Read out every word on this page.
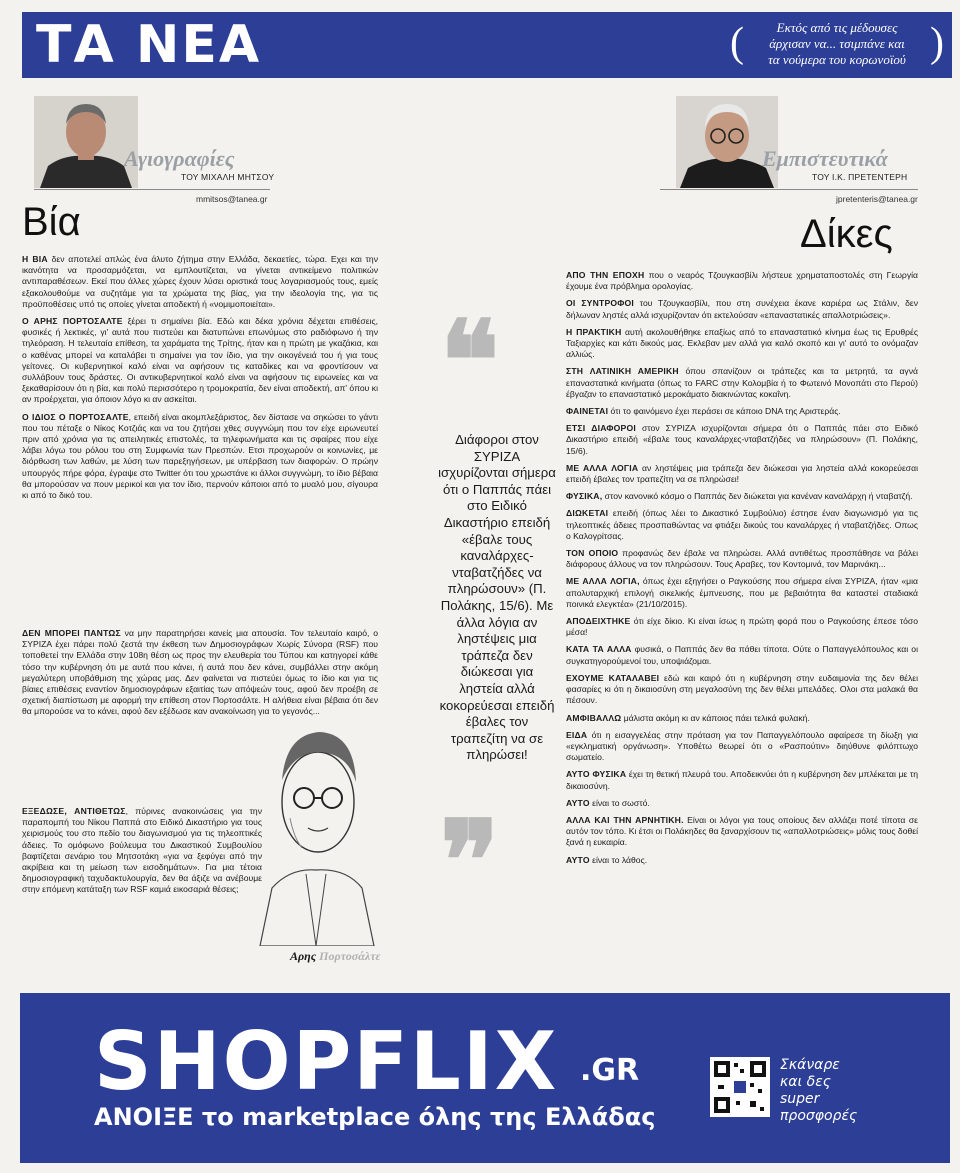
ΤΑ ΝΕΑ	(	Εκτός από τις μέδουσες
άρχισαν να... τσιμπάνε και
τα νούμερα του κορωνοϊού )
Αγιογραφίες
ΤΟΥ ΜΙΧΑΛΗ ΜΗΤΣΟΥ
mmitsos@tanea.gr
Βία

Η ΒΙΑ δεν αποτελεί απλώς ένα άλυτο ζήτημα στην Ελλάδα, δεκαετίες, τώρα. Εχει και την ικανότητα να προσαρμόζεται, να εμπλουτίζεται, να γίνεται αντικείμενο πολιτικών αντιπαραθέσεων. Εκεί που άλλες χώρες έχουν λύσει οριστικά τους λογαριασμούς τους, εμείς εξακολουθούμε να συζητάμε για τα χρώματα της βίας, για την ιδεολογία της, για τις προϋποθέσεις υπό τις οποίες γίνεται αποδεκτή ή «νομιμοποιείται».

Ο ΑΡΗΣ ΠΟΡΤΟΣΑΛΤΕ ξέρει τι σημαίνει βία. Εδώ και δέκα χρόνια δέχεται επιθέσεις, φυσικές ή λεκτικές, γι' αυτά που πιστεύει και διατυπώνει επωνύμως στο ραδιόφωνο ή την τηλεόραση. Η τελευταία επίθεση, τα χαράματα της Τρίτης, ήταν και η πρώτη με γκαζάκια, και ο καθένας μπορεί να καταλάβει τι σημαίνει για τον ίδιο, για την οικογένειά του ή για τους γείτονες. Οι κυβερνητικοί καλό είναι να αφήσουν τις καταδίκες και να φροντίσουν να συλλάβουν τους δράστες. Οι αντικυβερνητικοί καλό είναι να αφήσουν τις ειρωνείες και να ξεκαθαρίσουν ότι η βία, και πολύ περισσότερο η τρομοκρατία, δεν είναι αποδεκτή, απ' όπου κι αν προέρχεται, για όποιον λόγο κι αν ασκείται.

Ο ΙΔΙΟΣ Ο ΠΟΡΤΟΣΑΛΤΕ, επειδή είναι ακομπλεξάριστος, δεν δίστασε να σηκώσει το γάντι που του πέταξε ο Νίκος Κοτζιάς και να του ζητήσει χθες συγγνώμη που τον είχε ειρωνευτεί πριν από χρόνια για τις απειλητικές επιστολές, τα τηλεφωνήματα και τις σφαίρες που είχε λάβει λόγω του ρόλου του στη Συμφωνία των Πρεσπών. Ετσι προχωρούν οι κοινωνίες, με διόρθωση των λαθών, με λύση των παρεξηγήσεων, με υπέρβαση των διαφορών. Ο πρώην υπουργός πήρε φόρα, έγραψε στο Twitter ότι του χρωστάνε κι άλλοι συγγνώμη, το ίδιο βέβαια θα μπορούσαν να πουν μερικοί και για τον ίδιο, περνούν κάποιοι από το μυαλό μου, σίγουρα κι από το δικό του.

ΔΕΝ ΜΠΟΡΕΙ ΠΑΝΤΩΣ να μην παρατηρήσει κανείς μια απουσία. Τον τελευταίο καιρό, ο ΣΥΡΙΖΑ έχει πάρει πολύ ζεστά την έκθεση των Δημοσιογράφων Χωρίς Σύνορα (RSF) που τοποθετεί την Ελλάδα στην 108η θέση ως προς την ελευθερία του Τύπου και κατηγορεί κάθε τόσο την κυβέρνηση ότι με αυτά που κάνει, ή αυτά που δεν κάνει, συμβάλλει στην ακόμη μεγαλύτερη υποβάθμιση της χώρας μας. Δεν φαίνεται να πιστεύει όμως το ίδιο και για τις βίαιες επιθέσεις εναντίον δημοσιογράφων εξαιτίας των απόψεών τους, αφού δεν προέβη σε σχετική διαπίστωση με αφορμή την επίθεση στον Πορτοσάλτε. Η αλήθεια είναι βέβαια ότι δεν θα μπορούσε να το κάνει, αφού δεν εξέδωσε καν ανακοίνωση για το γεγονός...

ΕΞΕΔΩΣΕ, ΑΝΤΙΘΕΤΩΣ, πύρινες ανακοινώσεις για την παραπομπή του Νίκου Παππά στο Ειδικό Δικαστήριο για τους χειρισμούς του στο πεδίο του διαγωνισμού για τις τηλεοπτικές άδειες. Το ομόφωνο βούλευμα του Δικαστικού Συμβουλίου βαφτίζεται σενάριο του Μητσοτάκη «για να ξεφύγει από την ακρίβεια και τη μείωση των εισοδημάτων». Για μια τέτοια δημοσιογραφική ταχυδακτυλουργία, δεν θα άξιζε να ανέβουμε στην επόμενη κατάταξη των RSF καμιά εικοσαριά θέσεις;

Αρης Πορτοσάλτε
❝
Διάφοροι στον ΣΥΡΙΖΑ ισχυρίζονται σήμερα ότι ο Παππάς πάει στο Ειδικό Δικαστήριο επειδή «έβαλε τους καναλάρχες-νταβατζήδες να πληρώσουν» (Π. Πολάκης, 15/6). Με άλλα λόγια αν ληστέψεις μια τράπεζα δεν διώκεσαι για ληστεία αλλά κοκορεύεσαι επειδή έβαλες τον τραπεζίτη να σε πληρώσει!
❞
Εμπιστευτικά
ΤΟΥ Ι.Κ. ΠΡΕΤΕΝΤΕΡΗ
jpretenteris@tanea.gr
Δίκες

ΑΠΟ ΤΗΝ ΕΠΟΧΗ που ο νεαρός Τζουγκασβίλι λήστευε χρηματαποστολές στη Γεωργία έχουμε ένα πρόβλημα ορολογίας.

ΟΙ ΣΥΝΤΡΟΦΟΙ του Τζουγκασβίλι, που στη συνέχεια έκανε καριέρα ως Στάλιν, δεν δήλωναν ληστές αλλά ισχυρίζονταν ότι εκτελούσαν «επαναστατικές απαλλοτριώσεις».

Η ΠΡΑΚΤΙΚΗ αυτή ακολουθήθηκε επαξίως από το επαναστατικό κίνημα έως τις Ερυθρές Ταξιαρχίες και κάτι δικούς μας. Εκλεβαν μεν αλλά για καλό σκοπό και γι' αυτό το ονόμαζαν αλλιώς.

ΣΤΗ ΛΑΤΙΝΙΚΗ ΑΜΕΡΙΚΗ όπου σπανίζουν οι τράπεζες και τα μετρητά, τα αγνά επαναστατικά κινήματα (όπως το FARC στην Κολομβία ή το Φωτεινό Μονοπάτι στο Περού) έβγαζαν το επαναστατικό μεροκάματο διακινώντας κοκαΐνη.

ΦΑΙΝΕΤΑΙ ότι το φαινόμενο έχει περάσει σε κάποιο DNA της Αριστεράς.

ΕΤΣΙ ΔΙΑΦΟΡΟΙ στον ΣΥΡΙΖΑ ισχυρίζονται σήμερα ότι ο Παππάς πάει στο Ειδικό Δικαστήριο επειδή «έβαλε τους καναλάρχες-νταβατζήδες να πληρώσουν» (Π. Πολάκης, 15/6).

ΜΕ ΑΛΛΑ ΛΟΓΙΑ αν ληστέψεις μια τράπεζα δεν διώκεσαι για ληστεία αλλά κοκορεύεσαι επειδή έβαλες τον τραπεζίτη να σε πληρώσει!

ΦΥΣΙΚΑ, στον κανονικό κόσμο ο Παππάς δεν διώκεται για κανέναν καναλάρχη ή νταβατζή.

ΔΙΩΚΕΤΑΙ επειδή (όπως λέει το Δικαστικό Συμβούλιο) έστησε έναν διαγωνισμό για τις τηλεοπτικές άδειες προσπαθώντας να φτιάξει δικούς του καναλάρχες ή νταβατζήδες. Οπως ο Καλογρίτσας.

ΤΟΝ ΟΠΟΙΟ προφανώς δεν έβαλε να πληρώσει. Αλλά αντιθέτως προσπάθησε να βάλει διάφορους άλλους να τον πληρώσουν. Τους Αραβες, τον Κοντομινά, τον Μαρινάκη...

ΜΕ ΑΛΛΑ ΛΟΓΙΑ, όπως έχει εξηγήσει ο Ραγκούσης που σήμερα είναι ΣΥΡΙΖΑ, ήταν «μια απολυταρχική επιλογή σικελικής έμπνευσης, που με βεβαιότητα θα καταστεί σταδιακά ποινικά ελεγκτέα» (21/10/2015).

ΑΠΟΔΕΙΧΤΗΚΕ ότι είχε δίκιο. Κι είναι ίσως η πρώτη φορά που ο Ραγκούσης έπεσε τόσο μέσα!

ΚΑΤΑ ΤΑ ΑΛΛΑ φυσικά, ο Παππάς δεν θα πάθει τίποτα. Ούτε ο Παπαγγελόπουλος και οι συγκατηγορούμενοί του, υποψιάζομαι.

ΕΧΟΥΜΕ ΚΑΤΑΛΑΒΕΙ εδώ και καιρό ότι η κυβέρνηση στην ευδαιμονία της δεν θέλει φασαρίες κι ότι η δικαιοσύνη στη μεγαλοσύνη της δεν θέλει μπελάδες. Ολοι στα μαλακά θα πέσουν.

ΑΜΦΙΒΑΛΛΩ μάλιστα ακόμη κι αν κάποιος πάει τελικά φυλακή.

ΕΙΔΑ ότι η εισαγγελέας στην πρόταση για τον Παπαγγελόπουλο αφαίρεσε τη δίωξη για «εγκληματική οργάνωση». Υποθέτω θεωρεί ότι ο «Ρασπούτιν» διηύθυνε φιλόπτωχο σωματείο.

ΑΥΤΟ ΦΥΣΙΚΑ έχει τη θετική πλευρά του. Αποδεικνύει ότι η κυβέρνηση δεν μπλέκεται με τη δικαιοσύνη.

ΑΥΤΟ είναι το σωστό.

ΑΛΛΑ ΚΑΙ ΤΗΝ ΑΡΝΗΤΙΚΗ. Είναι οι λόγοι για τους οποίους δεν αλλάζει ποτέ τίποτα σε αυτόν τον τόπο. Κι έτσι οι Πολάκηδες θα ξαναρχίσουν τις «απαλλοτριώσεις» μόλις τους δοθεί ξανά η ευκαιρία.

ΑΥΤΟ είναι το λάθος.

SHOPFLIX .GR
ΑΝΟΙΞΕ το marketplace όλης της Ελλάδας
Σκάναρε
και δες
super
προσφορές
